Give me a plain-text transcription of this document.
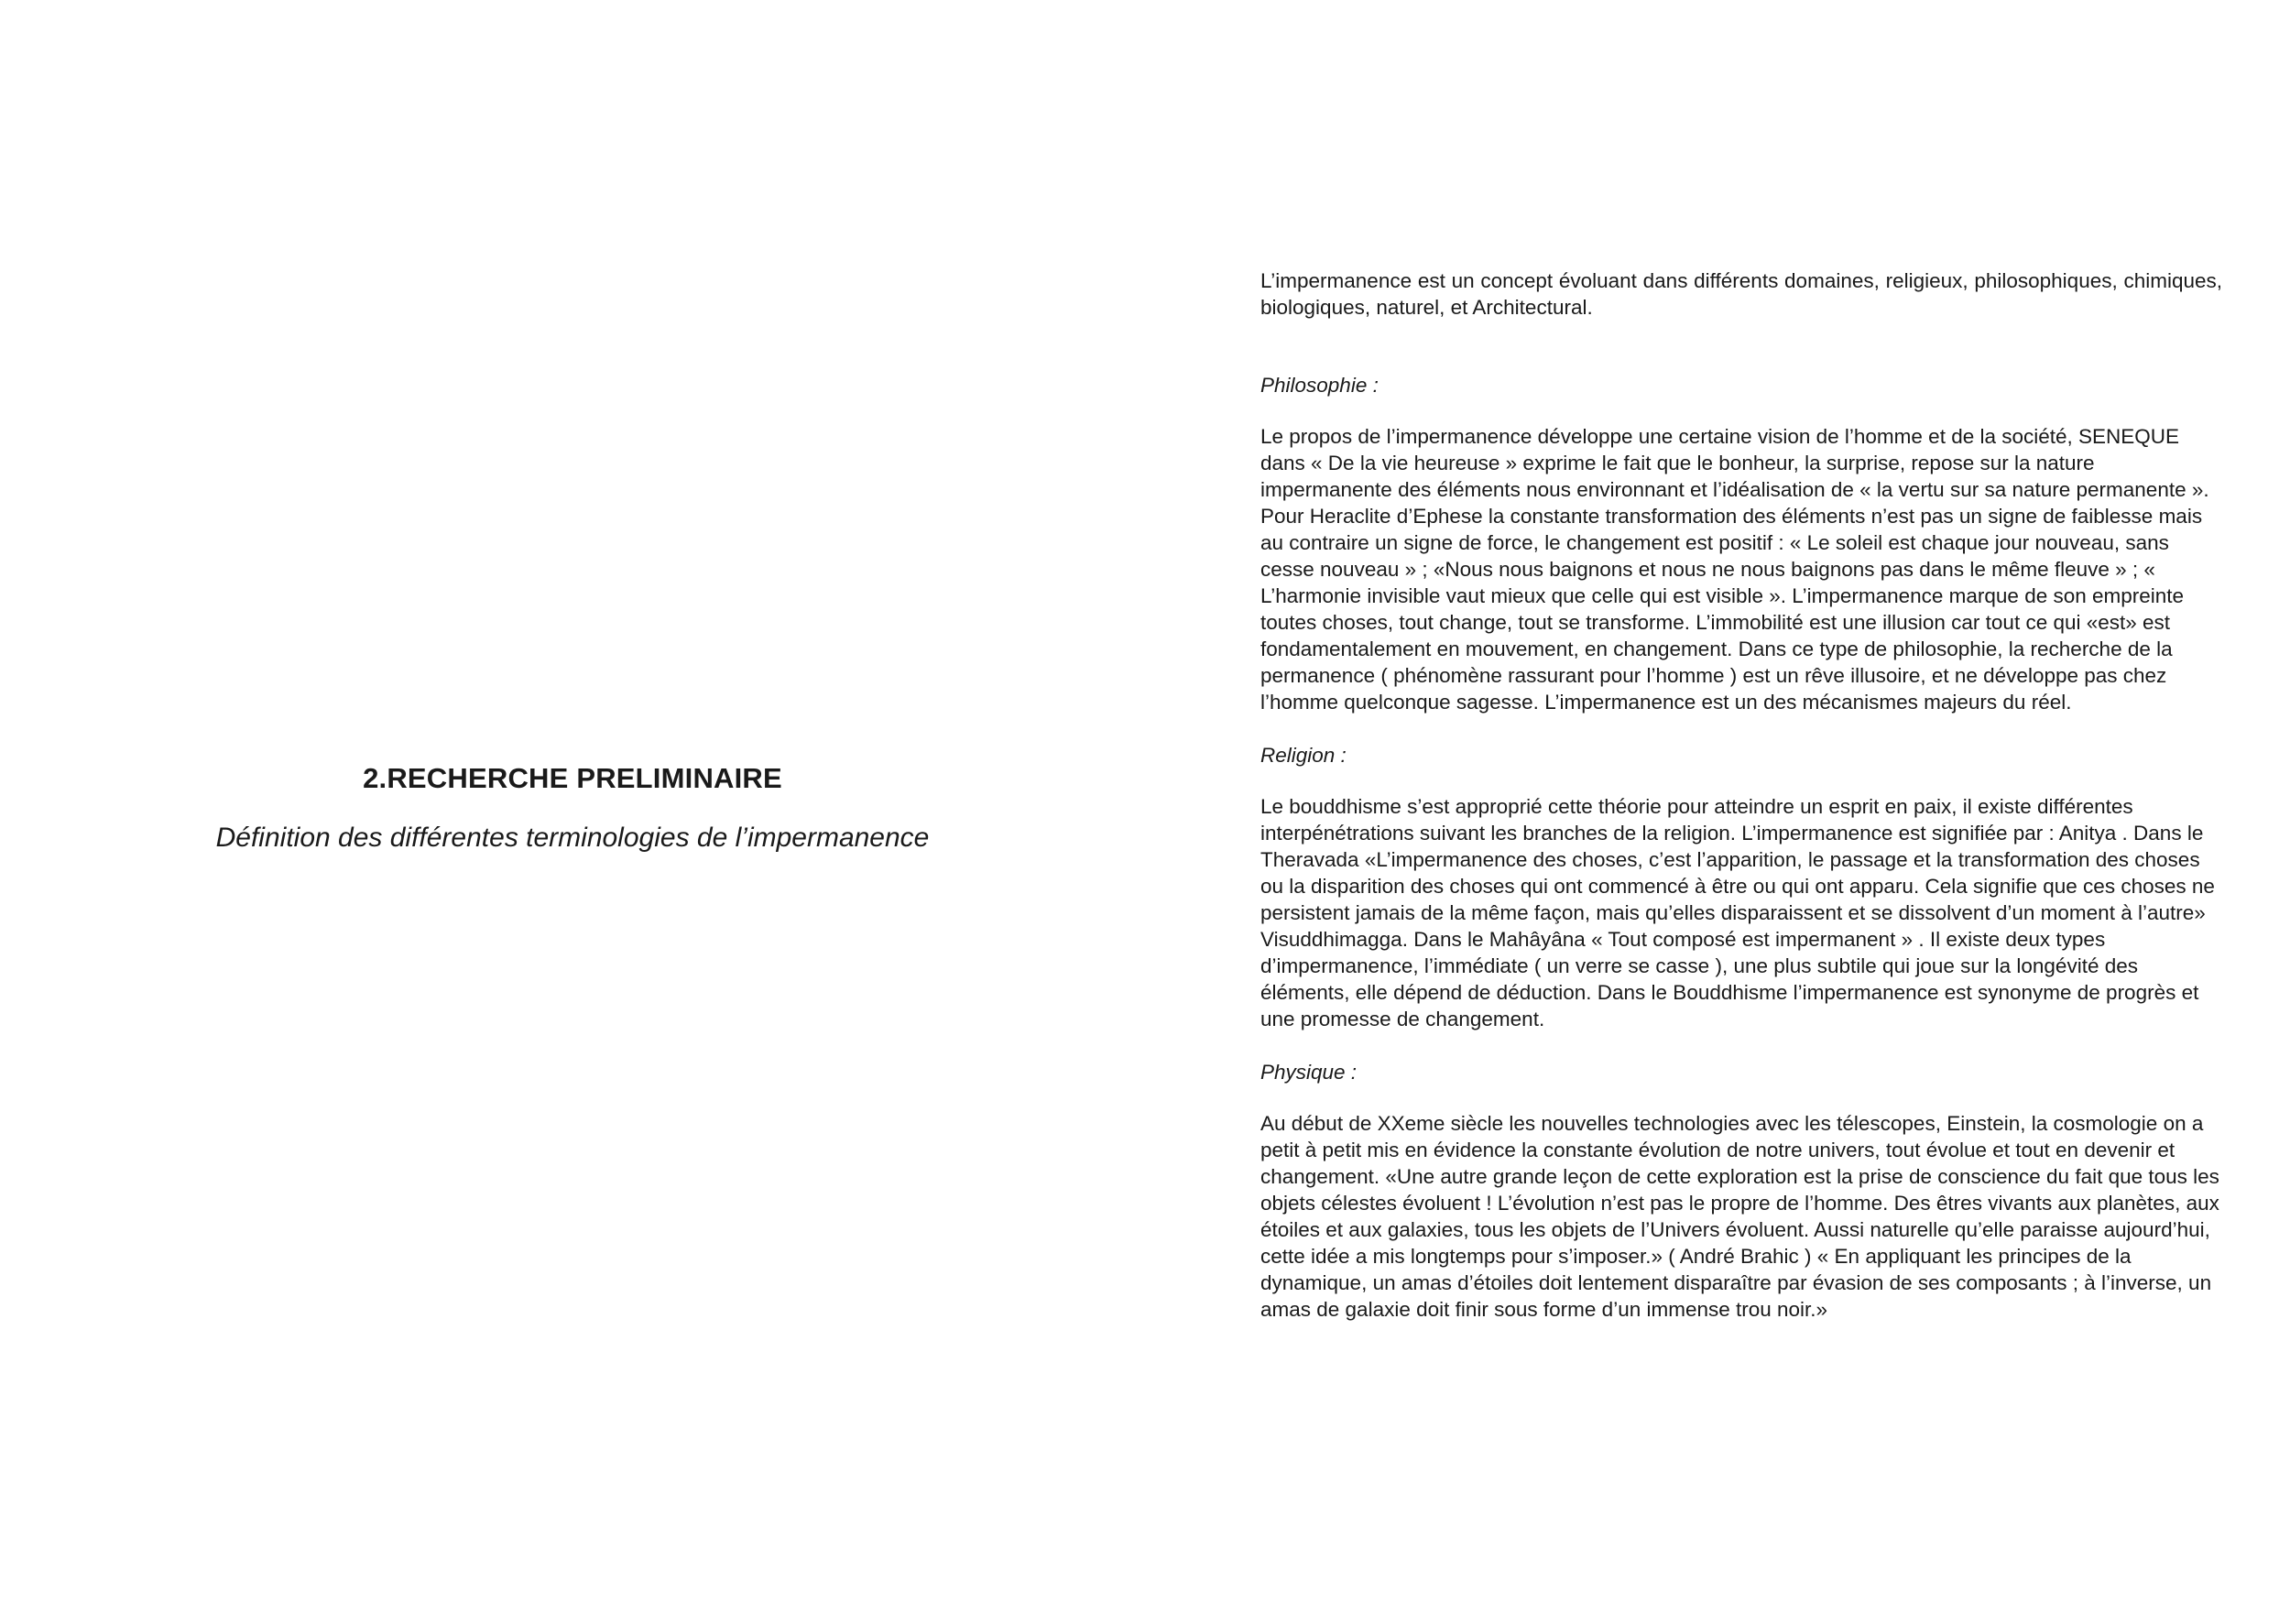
2.RECHERCHE PRELIMINAIRE

Définition des différentes terminologies de l’impermanence

L’impermanence est un concept évoluant dans différents domaines, religieux, philosophiques, chimiques, biologiques, naturel, et Architectural.

Philosophie :

Le propos de l’impermanence développe une certaine vision de l’homme et de la société, SENEQUE dans « De la vie heureuse » exprime le fait que le bonheur, la surprise, repose sur la nature impermanente des éléments nous environnant et l’idéalisation de « la vertu sur sa nature permanente ». Pour Heraclite d’Ephese la constante transformation des éléments n’est pas un signe de faiblesse mais au contraire un signe de force, le changement est positif : « Le soleil est chaque jour nouveau, sans cesse nouveau » ; «Nous nous baignons et nous ne nous baignons pas dans le même fleuve » ; « L’harmonie invisible vaut mieux que celle qui est visible ». L’impermanence marque de son empreinte toutes choses, tout change, tout se transforme. L’immobilité est une illusion car tout ce qui «est» est fondamentalement en mouvement, en changement. Dans ce type de philosophie, la recherche de la permanence ( phénomène rassurant pour l’homme ) est un rêve illusoire, et ne développe pas chez l’homme quelconque sagesse. L’impermanence est un des mécanismes majeurs du réel.

Religion :

Le bouddhisme s’est approprié cette théorie pour atteindre un esprit en paix, il existe différentes interpénétrations suivant les branches de la religion. L’impermanence est signifiée par : Anitya . Dans le Theravada «L’impermanence des choses, c’est l’apparition, le passage et la transformation des choses ou la disparition des choses qui ont commencé à être ou qui ont apparu. Cela signifie que ces choses ne persistent jamais de la même façon, mais qu’elles disparaissent et se dissolvent d’un moment à l’autre» Visuddhimagga. Dans le Mahâyâna « Tout composé est impermanent » . Il existe deux types d’impermanence, l’immédiate ( un verre se casse ), une plus subtile qui joue sur la longévité des éléments, elle dépend de déduction. Dans le Bouddhisme l’impermanence est synonyme de progrès et une promesse de changement.

Physique :

Au début de XXeme siècle les nouvelles technologies avec les télescopes, Einstein, la cosmologie on a petit à petit mis en évidence la constante évolution de notre univers, tout évolue et tout en devenir et changement. «Une autre grande leçon de cette exploration est la prise de conscience du fait que tous les objets célestes évoluent ! L’évolution n’est pas le propre de l’homme. Des êtres vivants aux planètes, aux étoiles et aux galaxies, tous les objets de l’Univers évoluent. Aussi naturelle qu’elle paraisse aujourd’hui, cette idée a mis longtemps pour s’imposer.» ( André Brahic ) « En appliquant les principes de la dynamique, un amas d’étoiles doit lentement disparaître par évasion de ses composants ; à l’inverse, un amas de galaxie doit finir sous forme d’un immense trou noir.»
